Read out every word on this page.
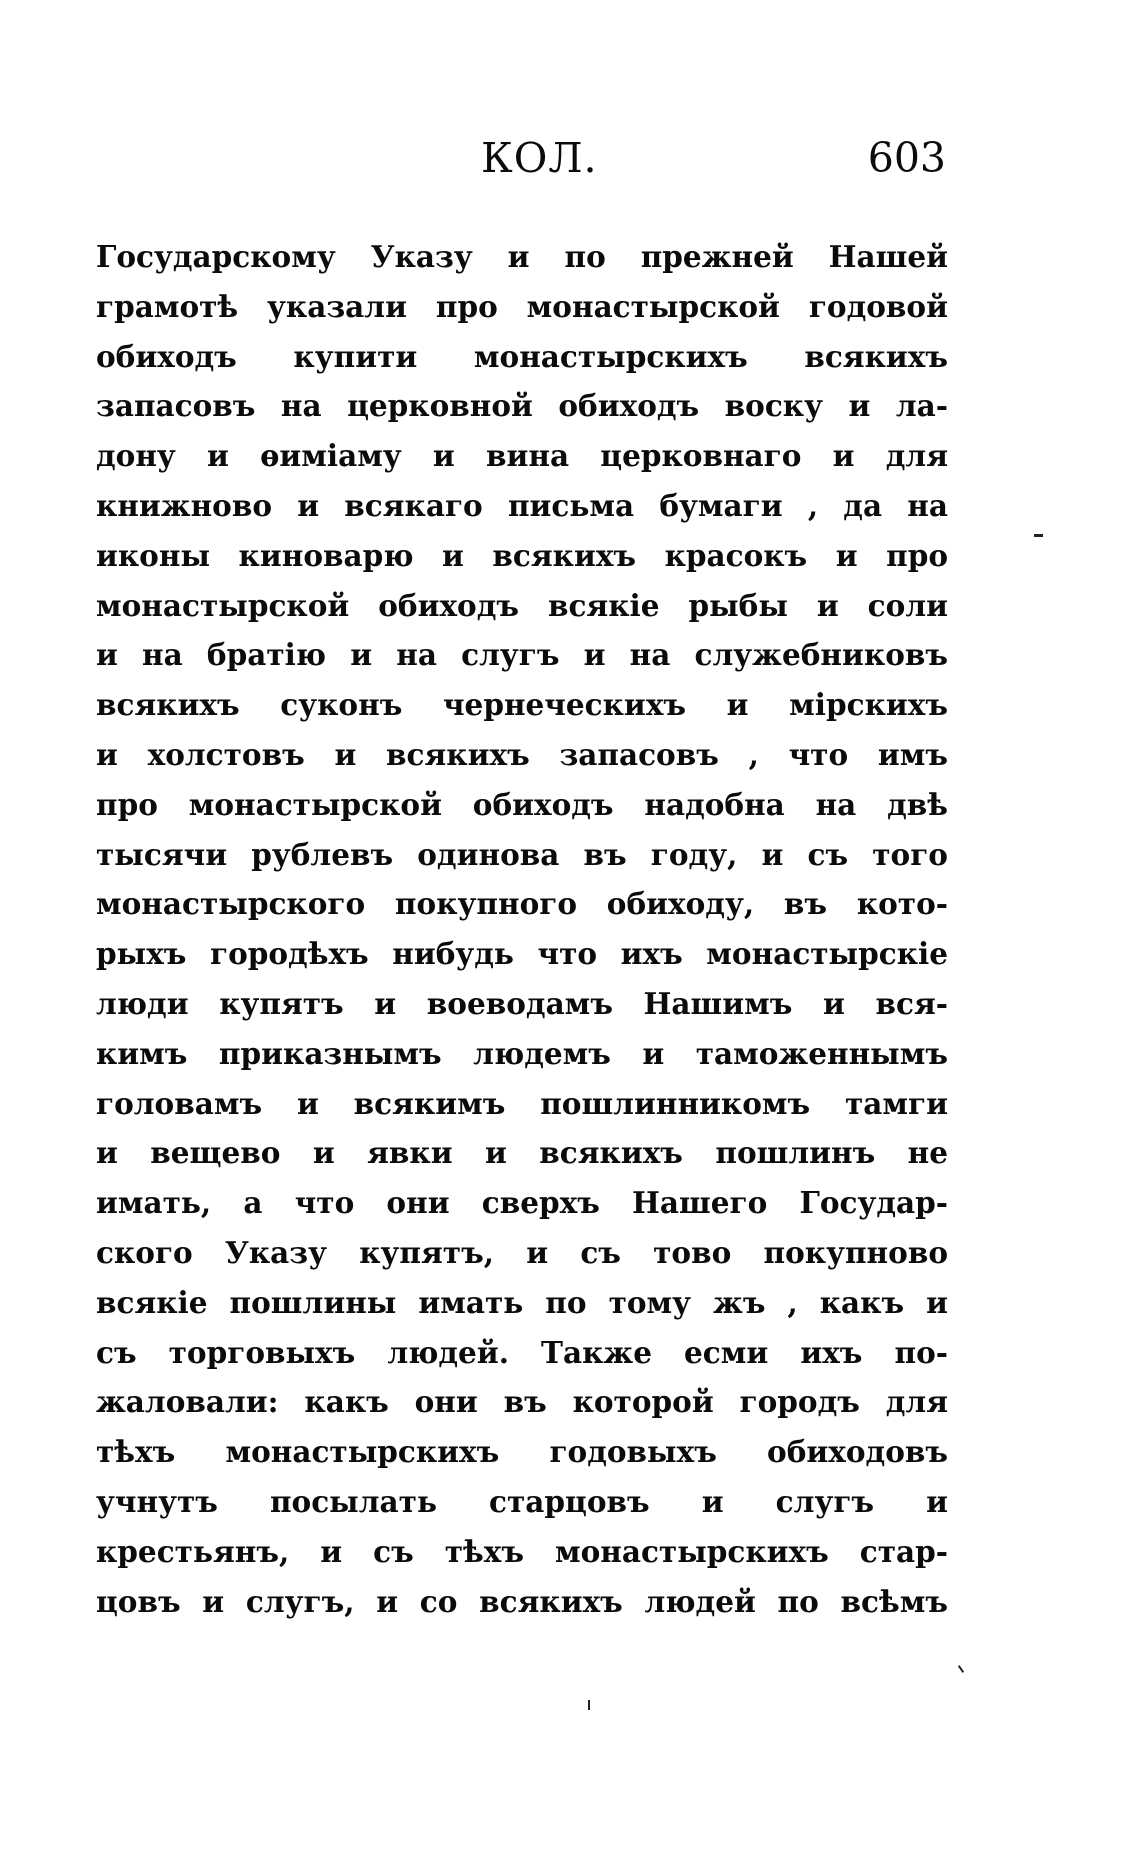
КОЛ.	603
Государскому Указу и по прежней Нашей
грамотѣ указали про монастырской годовой
обиходъ купити монастырскихъ всякихъ
запасовъ на церковной обиходъ воску и ла-
дону и ѳиміаму и вина церковнаго и для
книжново и всякаго письма бумаги , да на
иконы киноварю и всякихъ красокъ и про
монастырской обиходъ всякіе рыбы и соли
и на братію и на слугъ и на служебниковъ
всякихъ суконъ чернеческихъ и мірскихъ
и холстовъ и всякихъ запасовъ , что имъ
про монастырской обиходъ надобна на двѣ
тысячи рублевъ одинова въ году, и съ того
монастырского покупного обиходу, въ кото-
рыхъ городѣхъ нибудь что ихъ монастырскіе
люди купятъ и воеводамъ Нашимъ и вся-
кимъ приказнымъ людемъ и таможеннымъ
головамъ и всякимъ пошлинникомъ тамги
и вещево и явки и всякихъ пошлинъ не
имать, а что они сверхъ Нашего Государ-
ского Указу купятъ, и съ тово покупново
всякіе пошлины имать по тому жъ , какъ и
съ торговыхъ людей. Также есми ихъ по-
жаловали: какъ они въ которой городъ для
тѣхъ монастырскихъ годовыхъ обиходовъ
учнутъ посылать старцовъ и слугъ и
крестьянъ, и съ тѣхъ монастырскихъ стар-
цовъ и слугъ, и со всякихъ людей по всѣмъ
